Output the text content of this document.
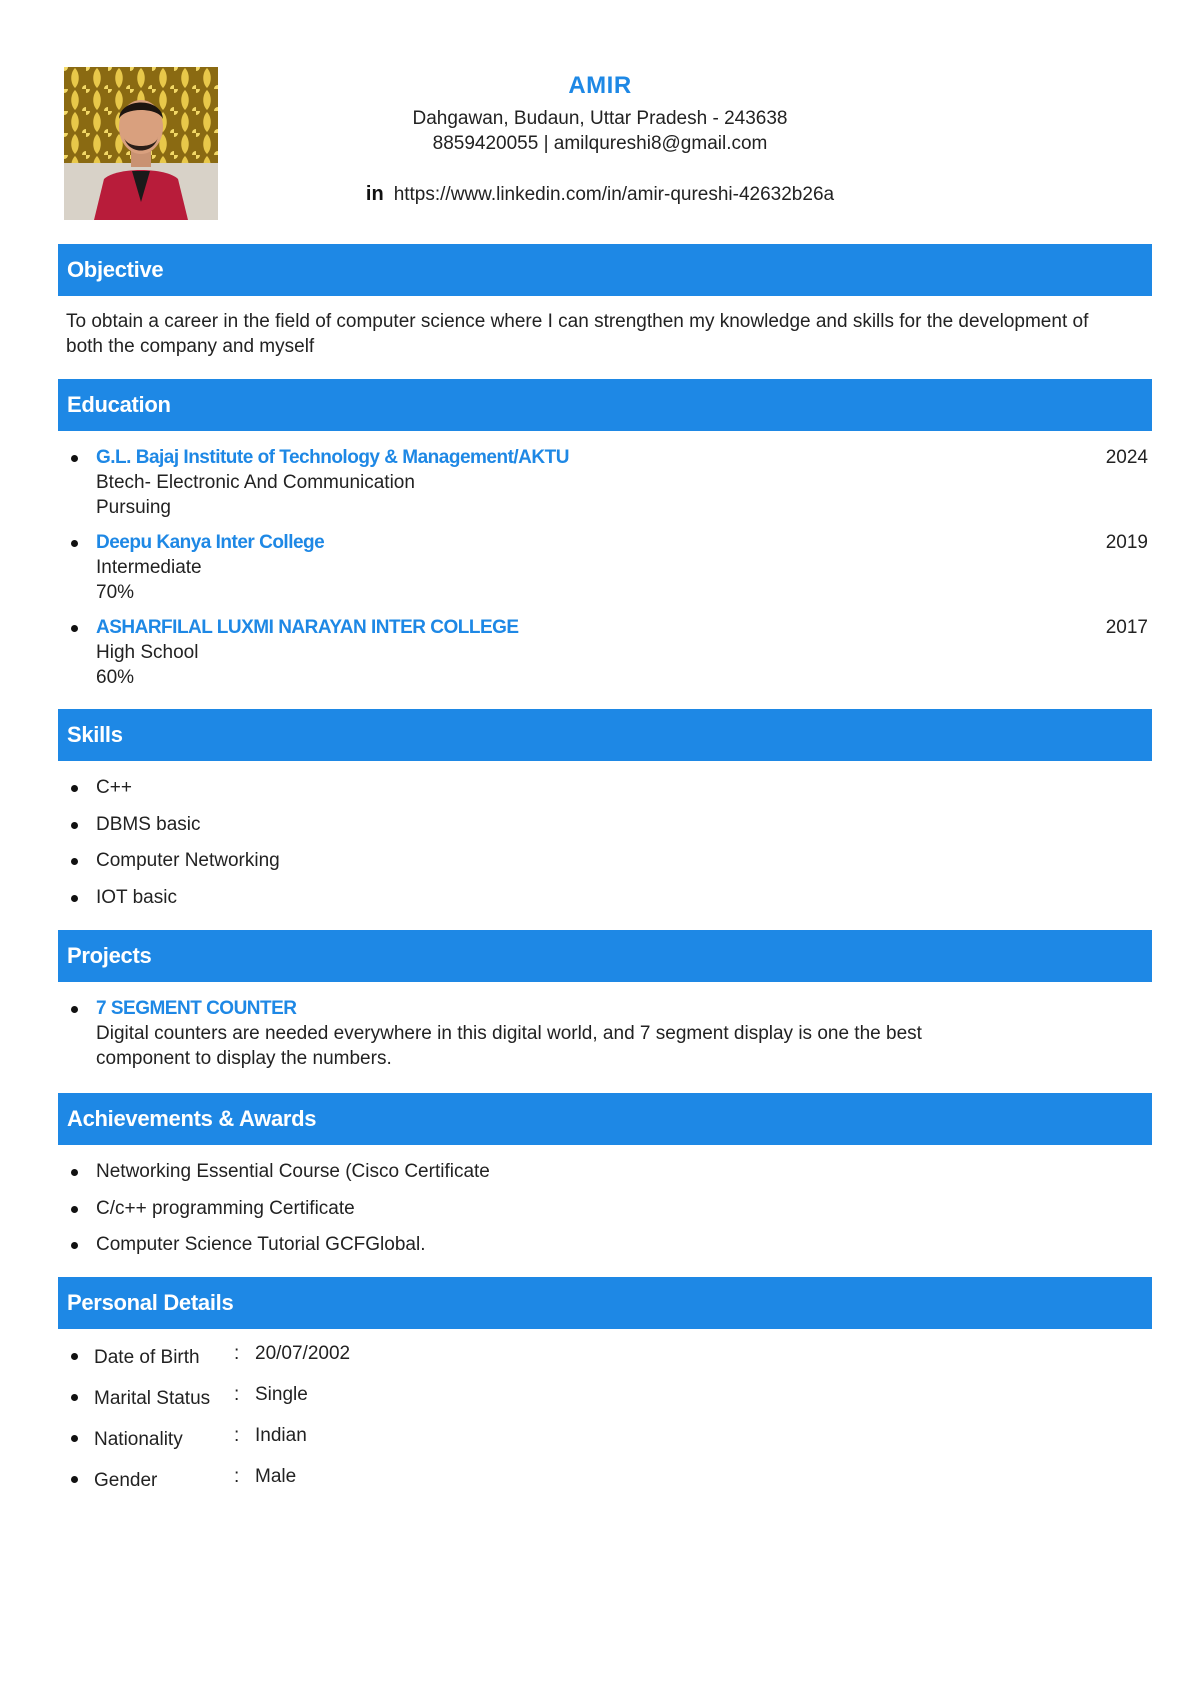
AMIR
Dahgawan, Budaun, Uttar Pradesh - 243638
8859420055 | amilqureshi8@gmail.com
in https://www.linkedin.com/in/amir-qureshi-42632b26a
Objective
To obtain a career in the field of computer science where I can strengthen my knowledge and skills for the development of both the company and myself
Education
G.L. Bajaj Institute of Technology & Management/AKTU
Btech- Electronic And Communication
Pursuing
2024
Deepu Kanya Inter College
Intermediate
70%
2019
ASHARFILAL LUXMI NARAYAN INTER COLLEGE
High School
60%
2017
Skills
C++
DBMS basic
Computer Networking
IOT basic
Projects
7 SEGMENT COUNTER
Digital counters are needed everywhere in this digital world, and 7 segment display is one the best component to display the numbers.
Achievements & Awards
Networking Essential Course (Cisco Certificate
C/c++ programming Certificate
Computer Science Tutorial GCFGlobal.
Personal Details
Date of Birth : 20/07/2002
Marital Status : Single
Nationality	: Indian
Gender	: Male
